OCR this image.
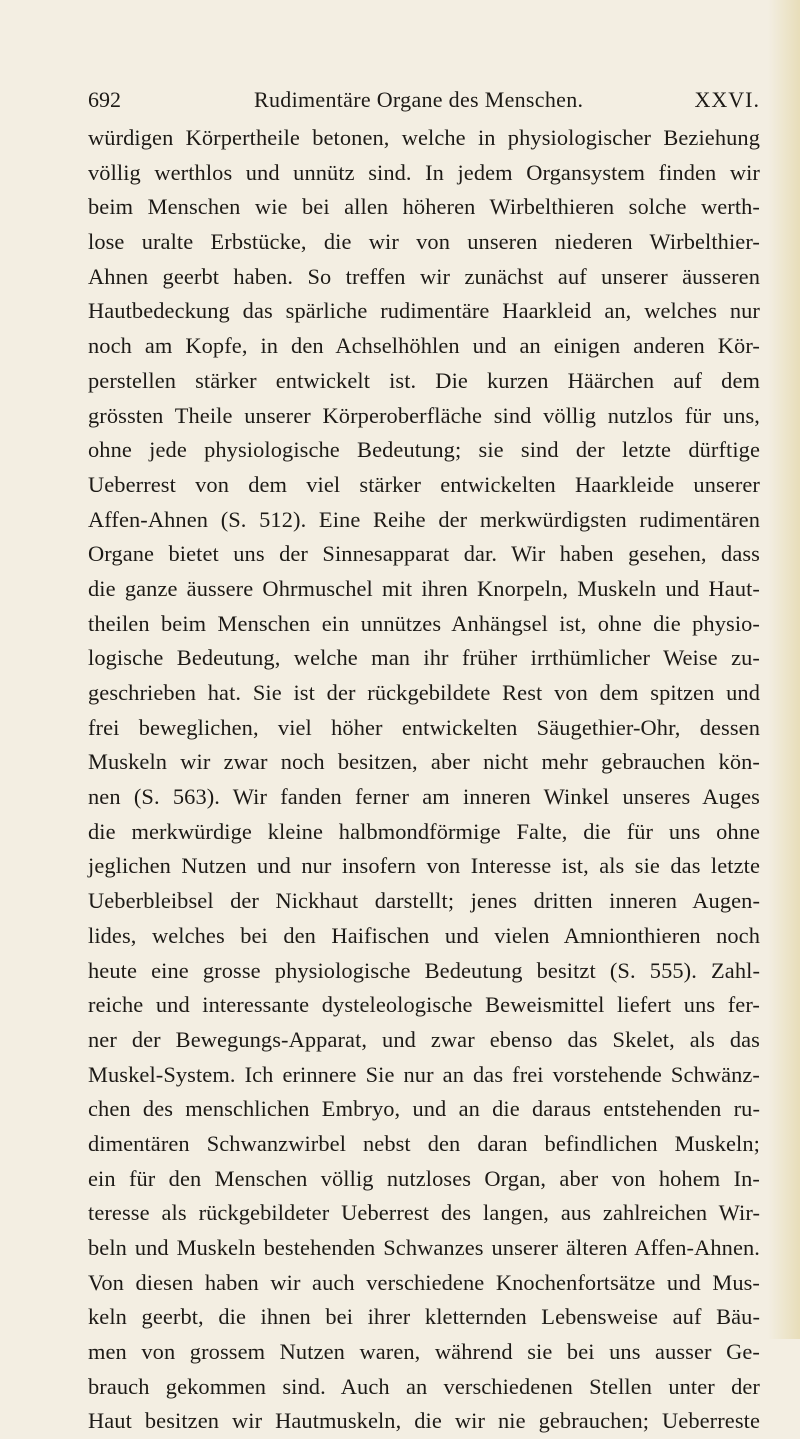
692	Rudimentäre Organe des Menschen.	XXVI.
würdigen Körpertheile betonen, welche in physiologischer Beziehung
völlig werthlos und unnütz sind. In jedem Organsystem finden wir
beim Menschen wie bei allen höheren Wirbelthieren solche werth-
lose uralte Erbstücke, die wir von unseren niederen Wirbelthier-
Ahnen geerbt haben. So treffen wir zunächst auf unserer äusseren
Hautbedeckung das spärliche rudimentäre Haarkleid an, welches nur
noch am Kopfe, in den Achselhöhlen und an einigen anderen Kör-
perstellen stärker entwickelt ist. Die kurzen Häärchen auf dem
grössten Theile unserer Körperoberfläche sind völlig nutzlos für uns,
ohne jede physiologische Bedeutung; sie sind der letzte dürftige
Ueberrest von dem viel stärker entwickelten Haarkleide unserer
Affen-Ahnen (S. 512). Eine Reihe der merkwürdigsten rudimentären
Organe bietet uns der Sinnesapparat dar. Wir haben gesehen, dass
die ganze äussere Ohrmuschel mit ihren Knorpeln, Muskeln und Haut-
theilen beim Menschen ein unnützes Anhängsel ist, ohne die physio-
logische Bedeutung, welche man ihr früher irrthümlicher Weise zu-
geschrieben hat. Sie ist der rückgebildete Rest von dem spitzen und
frei beweglichen, viel höher entwickelten Säugethier-Ohr, dessen
Muskeln wir zwar noch besitzen, aber nicht mehr gebrauchen kön-
nen (S. 563). Wir fanden ferner am inneren Winkel unseres Auges
die merkwürdige kleine halbmondförmige Falte, die für uns ohne
jeglichen Nutzen und nur insofern von Interesse ist, als sie das letzte
Ueberbleibsel der Nickhaut darstellt; jenes dritten inneren Augen-
lides, welches bei den Haifischen und vielen Amnionthieren noch
heute eine grosse physiologische Bedeutung besitzt (S. 555). Zahl-
reiche und interessante dysteleologische Beweismittel liefert uns fer-
ner der Bewegungs-Apparat, und zwar ebenso das Skelet, als das
Muskel-System. Ich erinnere Sie nur an das frei vorstehende Schwänz-
chen des menschlichen Embryo, und an die daraus entstehenden ru-
dimentären Schwanzwirbel nebst den daran befindlichen Muskeln;
ein für den Menschen völlig nutzloses Organ, aber von hohem In-
teresse als rückgebildeter Ueberrest des langen, aus zahlreichen Wir-
beln und Muskeln bestehenden Schwanzes unserer älteren Affen-Ahnen.
Von diesen haben wir auch verschiedene Knochenfortsätze und Mus-
keln geerbt, die ihnen bei ihrer kletternden Lebensweise auf Bäu-
men von grossem Nutzen waren, während sie bei uns ausser Ge-
brauch gekommen sind. Auch an verschiedenen Stellen unter der
Haut besitzen wir Hautmuskeln, die wir nie gebrauchen; Ueberreste
